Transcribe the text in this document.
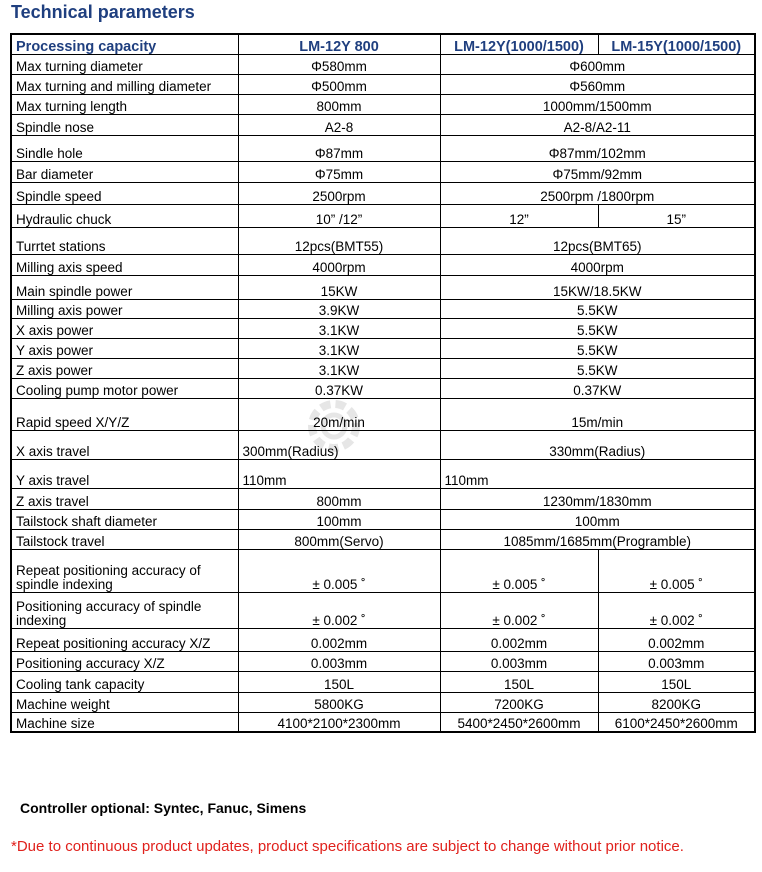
Technical parameters
Processing capacity	LM-12Y 800	LM-12Y(1000/1500)	LM-15Y(1000/1500)
Max turning diameter	Φ580mm	Φ600mm	
Max turning and milling diameter	Φ500mm	Φ560mm	
Max turning length	800mm	1000mm/1500mm	
Spindle nose	A2-8	A2-8/A2-11	
Sindle hole	Φ87mm	Φ87mm/102mm	
Bar diameter	Φ75mm	Φ75mm/92mm	
Spindle speed	2500rpm	2500rpm /1800rpm	
Hydraulic chuck	10” /12”	12”	15”
Turrtet stations	12pcs(BMT55)	12pcs(BMT65)	
Milling axis speed	4000rpm	4000rpm	
Main spindle power	15KW	15KW/18.5KW	
Milling axis power	3.9KW	5.5KW	
X axis power	3.1KW	5.5KW	
Y axis power	3.1KW	5.5KW	
Z axis power	3.1KW	5.5KW	
Cooling pump motor power	0.37KW	0.37KW	
Rapid speed X/Y/Z	20m/min	15m/min	
X axis travel	300mm(Radius)	330mm(Radius)	
Y axis travel	110mm	110mm	
Z axis travel	800mm	1230mm/1830mm	
Tailstock shaft diameter	100mm	100mm	
Tailstock travel	800mm(Servo)	1085mm/1685mm(Programble)	
Repeat positioning accuracy of spindle indexing	± 0.005 ˚	± 0.005 ˚	± 0.005 ˚
Positioning accuracy of spindle indexing	± 0.002 ˚	± 0.002 ˚	± 0.002 ˚
Repeat positioning accuracy X/Z	0.002mm	0.002mm	0.002mm
Positioning accuracy X/Z	0.003mm	0.003mm	0.003mm
Cooling tank capacity	150L	150L	150L
Machine weight	5800KG	7200KG	8200KG
Machine size	4100*2100*2300mm	5400*2450*2600mm	6100*2450*2600mm
Controller optional: Syntec, Fanuc, Simens
*Due to continuous product updates, product specifications are subject to change without prior notice.
